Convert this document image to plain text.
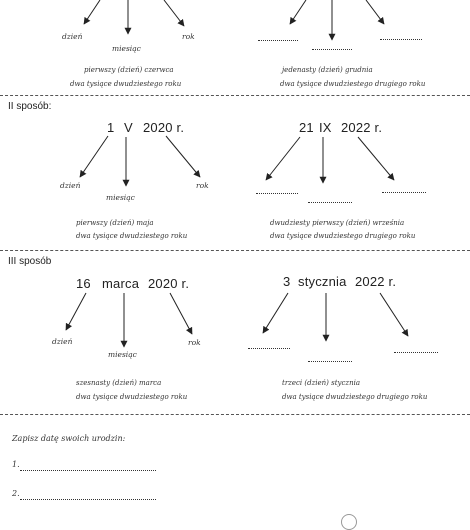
dzień
miesiąc
rok
pierwszy (dzień) czerwca
dwa tysiące dwudziestego roku
jedenasty (dzień) grudnia
dwa tysiące dwudziestego drugiego roku
II sposób:
1 V 2020 r.
dzień
miesiąc
rok
21 IX 2022 r.
pierwszy (dzień) maja
dwa tysiące dwudziestego roku
dwudziesty pierwszy (dzień) września
dwa tysiące dwudziestego drugiego roku
III sposób
16 marca 2020 r.
dzień
miesiąc
rok
3 stycznia 2022 r.
szesnasty (dzień) marca
dwa tysiące dwudziestego roku
trzeci (dzień) stycznia
dwa tysiące dwudziestego drugiego roku
Zapisz datę swoich urodzin:
1.
2.
